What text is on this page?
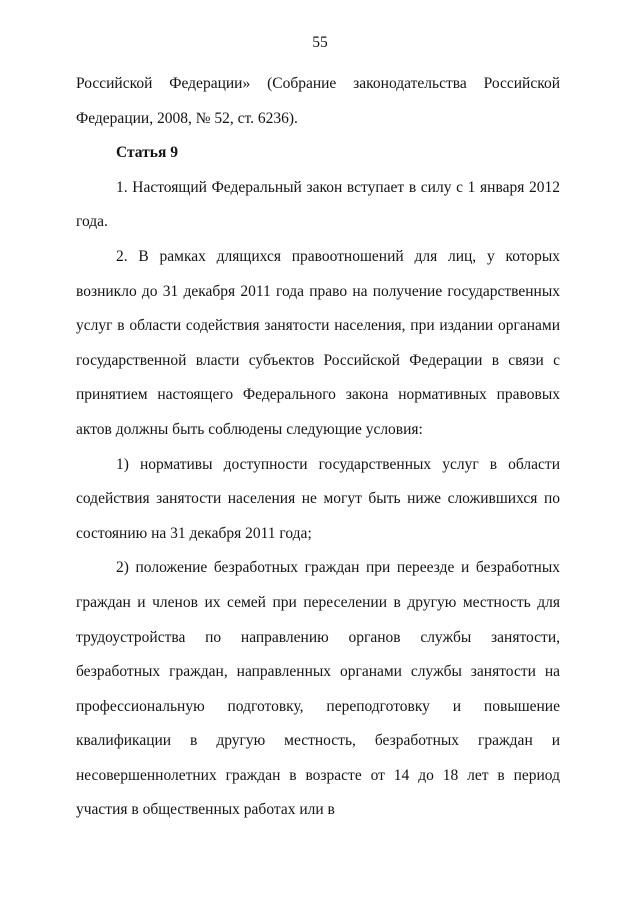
55

Российской Федерации» (Собрание законодательства Российской Федерации, 2008, № 52, ст. 6236).

Статья 9

1. Настоящий Федеральный закон вступает в силу с 1 января 2012 года.

2. В рамках длящихся правоотношений для лиц, у которых возникло до 31 декабря 2011 года право на получение государственных услуг в области содействия занятости населения, при издании органами государственной власти субъектов Российской Федерации в связи с принятием настоящего Федерального закона нормативных правовых актов должны быть соблюдены следующие условия:

1) нормативы доступности государственных услуг в области содействия занятости населения не могут быть ниже сложившихся по состоянию на 31 декабря 2011 года;

2) положение безработных граждан при переезде и безработных граждан и членов их семей при переселении в другую местность для трудоустройства по направлению органов службы занятости, безработных граждан, направленных органами службы занятости на профессиональную подготовку, переподготовку и повышение квалификации в другую местность, безработных граждан и несовершеннолетних граждан в возрасте от 14 до 18 лет в период участия в общественных работах или в
